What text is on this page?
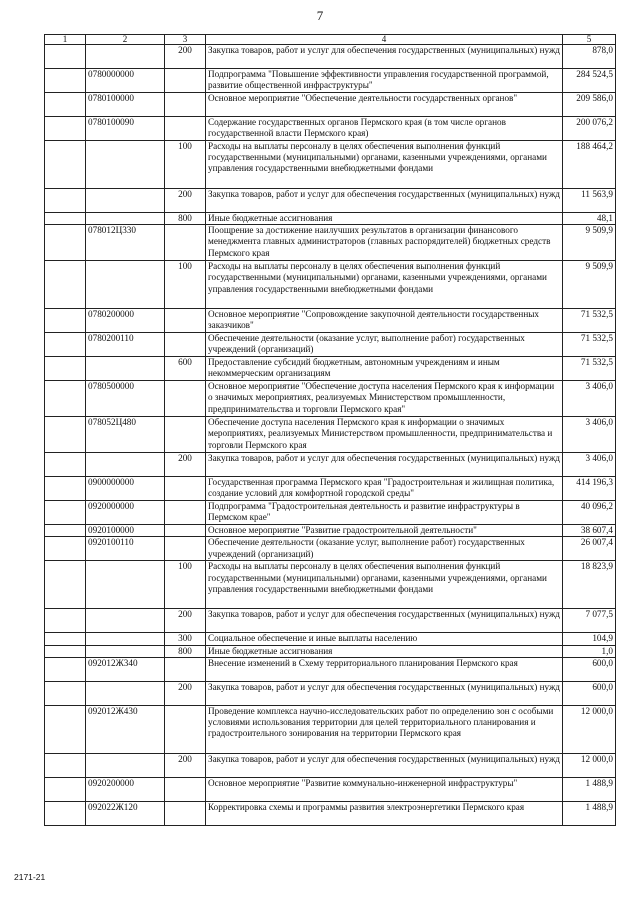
7
1	2	3	4	5
		200	Закупка товаров, работ и услуг для обеспечения государственных (муниципальных) нужд	878,0
	0780000000		Подпрограмма "Повышение эффективности управления государственной программой, развитие общественной инфраструктуры"	284 524,5
	0780100000		Основное мероприятие "Обеспечение деятельности государственных органов"	209 586,0
	0780100090		Содержание государственных органов Пермского края (в том числе органов государственной власти Пермского края)	200 076,2
		100	Расходы на выплаты персоналу в целях обеспечения выполнения функций государственными (муниципальными) органами, казенными учреждениями, органами управления государственными внебюджетными фондами	188 464,2
		200	Закупка товаров, работ и услуг для обеспечения государственных (муниципальных) нужд	11 563,9
		800	Иные бюджетные ассигнования	48,1
	078012Ц330		Поощрение за достижение наилучших результатов в организации финансового менеджмента главных администраторов (главных распорядителей) бюджетных средств Пермского края	9 509,9
		100	Расходы на выплаты персоналу в целях обеспечения выполнения функций государственными (муниципальными) органами, казенными учреждениями, органами управления государственными внебюджетными фондами	9 509,9
	0780200000		Основное мероприятие "Сопровождение закупочной деятельности государственных заказчиков"	71 532,5
	0780200110		Обеспечение деятельности (оказание услуг, выполнение работ) государственных учреждений (организаций)	71 532,5
		600	Предоставление субсидий бюджетным, автономным учреждениям и иным некоммерческим организациям	71 532,5
	0780500000		Основное мероприятие "Обеспечение доступа населения Пермского края к информации о значимых мероприятиях, реализуемых Министерством промышленности, предпринимательства и торговли Пермского края"	3 406,0
	078052Ц480		Обеспечение доступа населения Пермского края к информации о значимых мероприятиях, реализуемых Министерством промышленности, предпринимательства и торговли Пермского края	3 406,0
		200	Закупка товаров, работ и услуг для обеспечения государственных (муниципальных) нужд	3 406,0
	0900000000		Государственная программа Пермского края "Градостроительная и жилищная политика, создание условий для комфортной городской среды"	414 196,3
	0920000000		Подпрограмма "Градостроительная деятельность и развитие инфраструктуры в Пермском крае"	40 096,2
	0920100000		Основное мероприятие "Развитие градостроительной деятельности"	38 607,4
	0920100110		Обеспечение деятельности (оказание услуг, выполнение работ) государственных учреждений (организаций)	26 007,4
		100	Расходы на выплаты персоналу в целях обеспечения выполнения функций государственными (муниципальными) органами, казенными учреждениями, органами управления государственными внебюджетными фондами	18 823,9
		200	Закупка товаров, работ и услуг для обеспечения государственных (муниципальных) нужд	7 077,5
		300	Социальное обеспечение и иные выплаты населению	104,9
		800	Иные бюджетные ассигнования	1,0
	092012Ж340		Внесение изменений в Схему территориального планирования Пермского края	600,0
		200	Закупка товаров, работ и услуг для обеспечения государственных (муниципальных) нужд	600,0
	092012Ж430		Проведение комплекса научно-исследовательских работ по определению зон с особыми условиями использования территории для целей территориального планирования и градостроительного зонирования на территории Пермского края	12 000,0
		200	Закупка товаров, работ и услуг для обеспечения государственных (муниципальных) нужд	12 000,0
	0920200000		Основное мероприятие "Развитие коммунально-инженерной инфраструктуры"	1 488,9
	092022Ж120		Корректировка схемы и программы развития электроэнергетики Пермского края	1 488,9
2171-21
